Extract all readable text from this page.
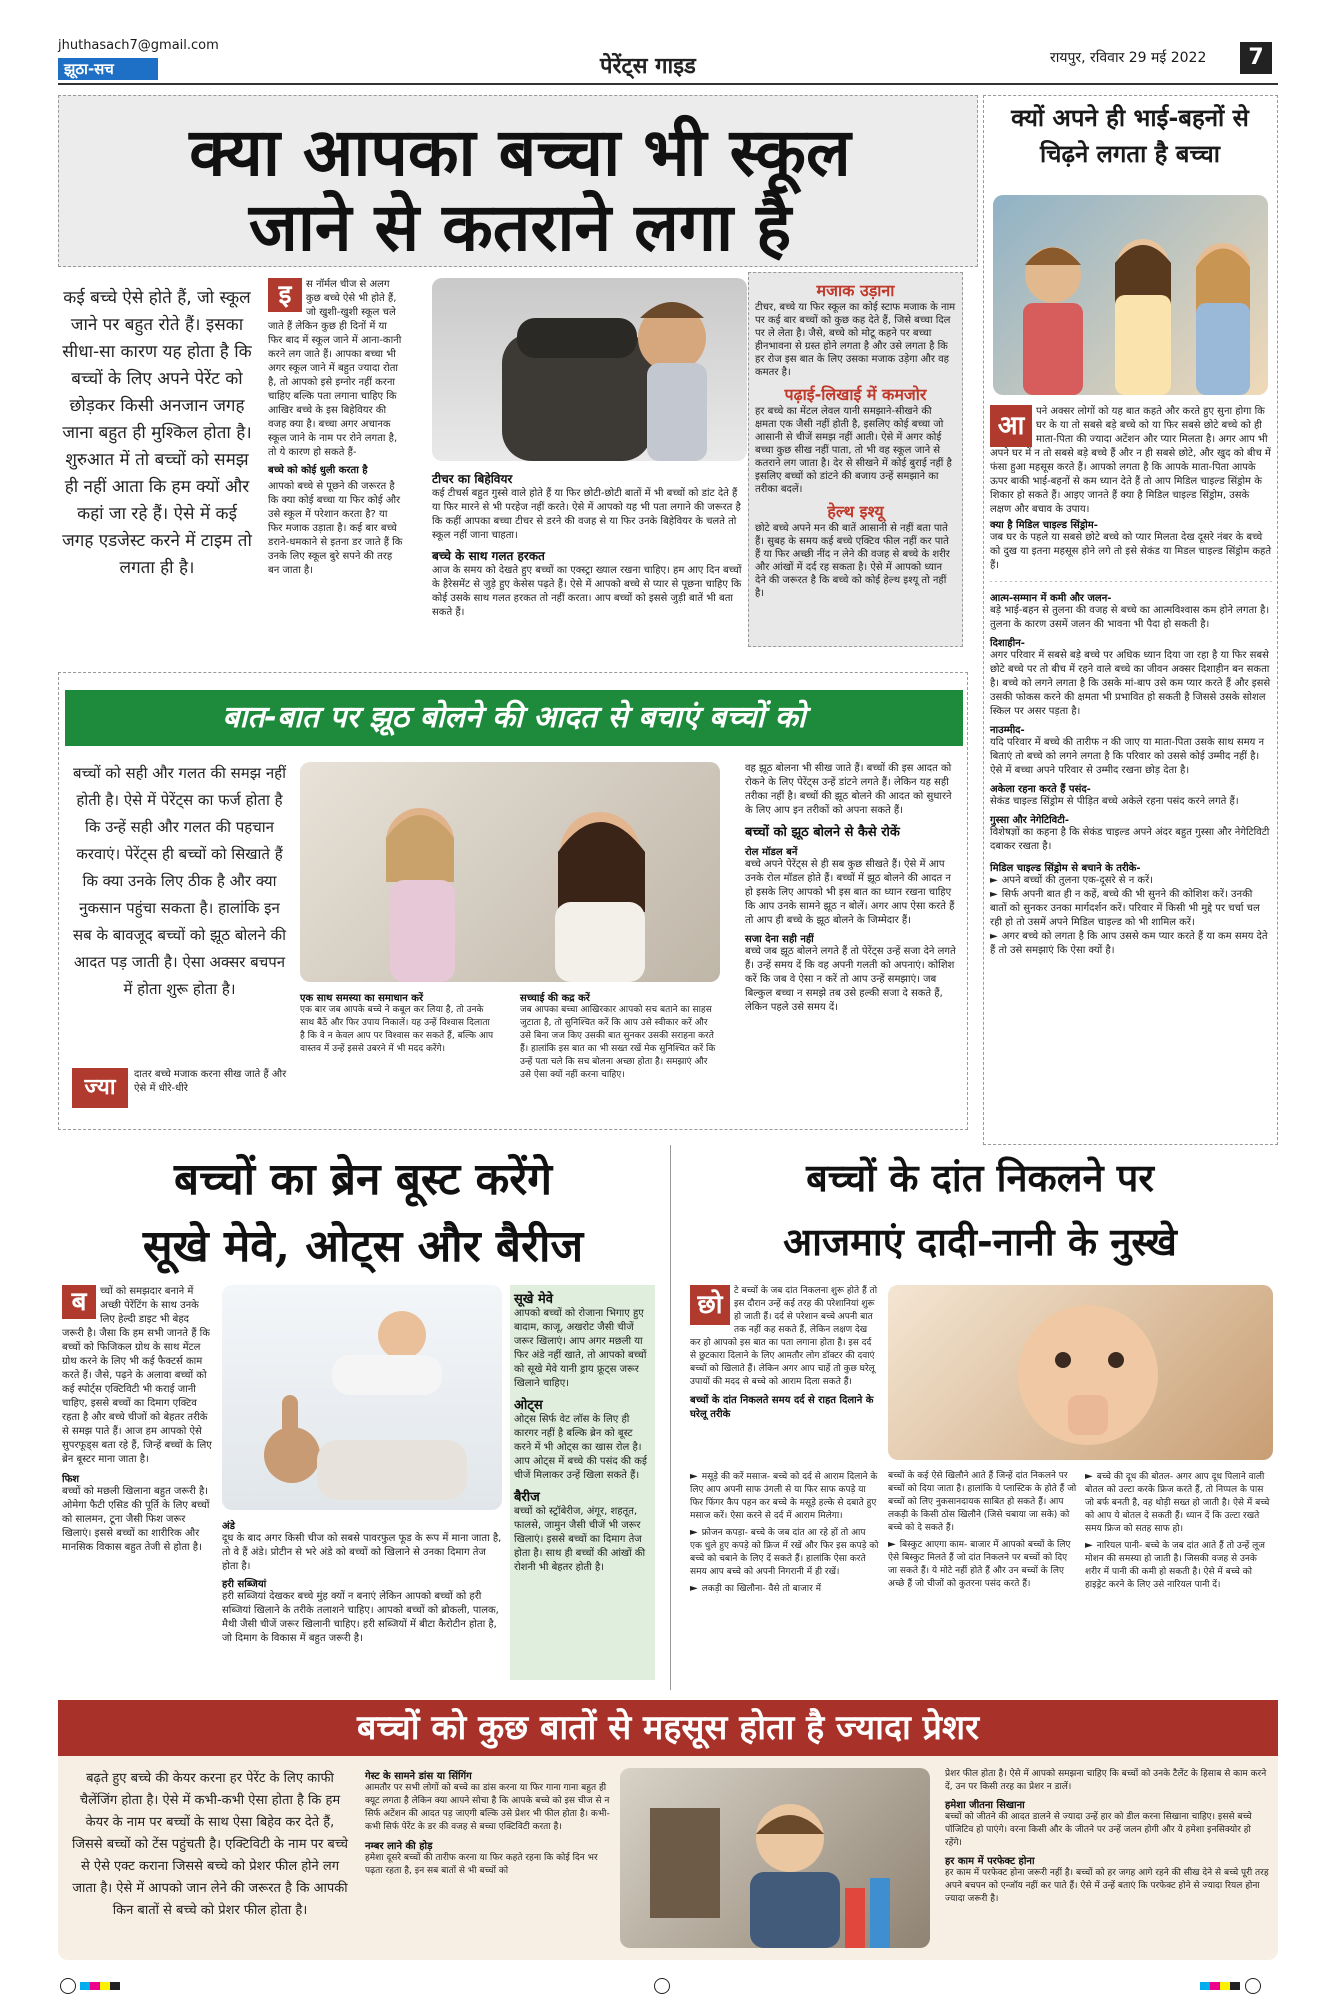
jhuthasach7@gmail.com
झूठा-सच	पेरेंट्स गाइड	रायपुर, रविवार 29 मई 2022	7
क्या आपका बच्चा भी स्कूल
जाने से कतराने लगा है
कई बच्चे ऐसे होते हैं, जो स्कूल जाने पर बहुत रोते हैं। इसका सीधा-सा कारण यह होता है कि बच्चों के लिए अपने पेरेंट को छोड़कर किसी अनजान जगह जाना बहुत ही मुश्किल होता है। शुरुआत में तो बच्चों को समझ ही नहीं आता कि हम क्यों और कहां जा रहे हैं। ऐसे में कई जगह एडजेस्ट करने में टाइम तो लगता ही है।
इ	स नॉर्मल चीज से अलग कुछ बच्चे ऐसे भी होते हैं, जो खुशी-खुशी स्कूल चले जाते हैं लेकिन कुछ ही दिनों में या फिर बाद में स्कूल जाने में आना-कानी करने लग जाते हैं। आपका बच्चा भी अगर स्कूल जाने में बहुत ज्यादा रोता है, तो आपको इसे इग्नोर नहीं करना चाहिए बल्कि पता लगाना चाहिए कि आखिर बच्चे के इस बिहेवियर की वजह क्या है। बच्चा अगर अचानक स्कूल जाने के नाम पर रोने लगता है, तो ये कारण हो सकते हैं-
बच्चे को कोई धुली करता है
आपको बच्चे से पूछने की जरूरत है कि क्या कोई बच्चा या फिर कोई और उसे स्कूल में परेशान करता है? या फिर मजाक उड़ाता है। कई बार बच्चे डराने-धमकाने से इतना डर जाते हैं कि उनके लिए स्कूल बुरे सपने की तरह बन जाता है।
टीचर का बिहेवियर
कई टीचर्स बहुत गुस्से वाले होते हैं या फिर छोटी-छोटी बातों में भी बच्चों को डांट देते हैं या फिर मारने से भी परहेज नहीं करते। ऐसे में आपको यह भी पता लगाने की जरूरत है कि कहीं आपका बच्चा टीचर से डरने की वजह से या फिर उनके बिहेवियर के चलते तो स्कूल नहीं जाना चाहता।
बच्चे के साथ गलत हरकत
आज के समय को देखते हुए बच्चों का एक्स्ट्रा ख्याल रखना चाहिए। हम आए दिन बच्चों के हैरेसमेंट से जुड़े हुए केसेस पढ़ते हैं। ऐसे में आपको बच्चे से प्यार से पूछना चाहिए कि कोई उसके साथ गलत हरकत तो नहीं करता। आप बच्चों को इससे जुड़ी बातें भी बता सकते हैं।
मजाक उड़ाना
टीचर, बच्चे या फिर स्कूल का कोई स्टाफ मजाक के नाम पर कई बार बच्चों को कुछ कह देते हैं, जिसे बच्चा दिल पर ले लेता है। जैसे, बच्चे को मोटू कहने पर बच्चा हीनभावना से ग्रस्त होने लगता है और उसे लगता है कि हर रोज इस बात के लिए उसका मजाक उड़ेगा और वह कमतर है।
पढ़ाई-लिखाई में कमजोर
हर बच्चे का मेंटल लेवल यानी समझाने-सीखने की क्षमता एक जैसी नहीं होती है, इसलिए कोई बच्चा जो आसानी से चीजें समझ नहीं आती। ऐसे में अगर कोई बच्चा कुछ सीख नहीं पाता, तो भी वह स्कूल जाने से कतराने लग जाता है। देर से सीखने में कोई बुराई नहीं है इसलिए बच्चों को डांटने की बजाय उन्हें समझाने का तरीका बदलें।
हेल्थ इश्यू
छोटे बच्चे अपने मन की बातें आसानी से नहीं बता पाते हैं। सुबह के समय कई बच्चे एक्टिव फील नहीं कर पाते हैं या फिर अच्छी नींद न लेने की वजह से बच्चे के शरीर और आंखों में दर्द रह सकता है। ऐसे में आपको ध्यान देने की जरूरत है कि बच्चे को कोई हेल्थ इश्यू तो नहीं है।
क्यों अपने ही भाई-बहनों से चिढ़ने लगता है बच्चा
आ	पने अक्सर लोगों को यह बात कहते और करते हुए सुना होगा कि घर के या तो सबसे बड़े बच्चे को या फिर सबसे छोटे बच्चे को ही माता-पिता की ज्यादा अटेंशन और प्यार मिलता है। अगर आप भी अपने घर में न तो सबसे बड़े बच्चे हैं और न ही सबसे छोटे, और खुद को बीच में फंसा हुआ महसूस करते हैं। आपको लगता है कि आपके माता-पिता आपके ऊपर बाकी भाई-बहनों से कम ध्यान देते हैं तो आप मिडिल चाइल्ड सिंड्रोम के शिकार हो सकते हैं। आइए जानते हैं क्या है मिडिल चाइल्ड सिंड्रोम, उसके लक्षण और बचाव के उपाय।
क्या है मिडिल चाइल्ड सिंड्रोम-
जब घर के पहले या सबसे छोटे बच्चे को प्यार मिलता देख दूसरे नंबर के बच्चे को दुख या इतना महसूस होने लगे तो इसे सेकंड या मिडल चाइल्ड सिंड्रोम कहते हैं।
आत्म-सम्मान में कमी और जलन-
बड़े भाई-बहन से तुलना की वजह से बच्चे का आत्मविश्वास कम होने लगता है। तुलना के कारण उसमें जलन की भावना भी पैदा हो सकती है।
दिशाहीन-
अगर परिवार में सबसे बड़े बच्चे पर अधिक ध्यान दिया जा रहा है या फिर सबसे छोटे बच्चे पर तो बीच में रहने वाले बच्चे का जीवन अक्सर दिशाहीन बन सकता है। बच्चे को लगने लगता है कि उसके मां-बाप उसे कम प्यार करते हैं और इससे उसकी फोकस करने की क्षमता भी प्रभावित हो सकती है जिससे उसके सोशल स्किल पर असर पड़ता है।
नाउम्मीद-
यदि परिवार में बच्चे की तारीफ न की जाए या माता-पिता उसके साथ समय न बिताएं तो बच्चे को लगने लगता है कि परिवार को उससे कोई उम्मीद नहीं है। ऐसे में बच्चा अपने परिवार से उम्मीद रखना छोड़ देता है।
अकेला रहना करते हैं पसंद-
सेकंड चाइल्ड सिंड्रोम से पीड़ित बच्चे अकेले रहना पसंद करने लगते हैं।
गुस्सा और नेगेटिविटी-
विशेषज्ञों का कहना है कि सेकंड चाइल्ड अपने अंदर बहुत गुस्सा और नेगेटिविटी दबाकर रखता है।
मिडिल चाइल्ड सिंड्रोम से बचाने के तरीके-
► अपने बच्चों की तुलना एक-दूसरे से न करें।
► सिर्फ अपनी बात ही न कहें, बच्चे की भी सुनने की कोशिश करें। उनकी बातों को सुनकर उनका मार्गदर्शन करें। परिवार में किसी भी मुद्दे पर चर्चा चल रही हो तो उसमें अपने मिडिल चाइल्ड को भी शामिल करें।
► अगर बच्चे को लगता है कि आप उससे कम प्यार करते हैं या कम समय देते हैं तो उसे समझाएं कि ऐसा क्यों है।
बात-बात पर झूठ बोलने की आदत से बचाएं बच्चों को
बच्चों को सही और गलत की समझ नहीं होती है। ऐसे में पेरेंट्स का फर्ज होता है कि उन्हें सही और गलत की पहचान करवाएं। पेरेंट्स ही बच्चों को सिखाते हैं कि क्या उनके लिए ठीक है और क्या नुकसान पहुंचा सकता है। हालांकि इन सब के बावजूद बच्चों को झूठ बोलने की आदत पड़ जाती है। ऐसा अक्सर बचपन में होता शुरू होता है।
ज्या
दातर बच्चे मजाक करना सीख जाते हैं और ऐसे में धीरे-धीरे
एक साथ समस्या का समाधान करें
एक बार जब आपके बच्चे ने कबूल कर लिया है, तो उनके साथ बैठें और फिर उपाय निकालें। यह उन्हें विश्वास दिलाता है कि वे न केवल आप पर विश्वास कर सकते हैं, बल्कि आप वास्तव में उन्हें इससे उबरने में भी मदद करेंगे।
सच्चाई की कद्र करें
जब आपका बच्चा आखिरकार आपको सच बताने का साहस जुटाता है, तो सुनिश्चित करें कि आप उसे स्वीकार करें और उसे बिना जज किए उसकी बात सुनकर उसकी सराहना करते हैं। हालांकि इस बात का भी सख्त रखें मेक सुनिश्चित करें कि उन्हें पता चले कि सच बोलना अच्छा होता है। समझाएं और उसे ऐसा क्यों नहीं करना चाहिए।
वह झूठ बोलना भी सीख जाते हैं। बच्चों की इस आदत को रोकने के लिए पेरेंट्स उन्हें डांटने लगते हैं। लेकिन यह सही तरीका नहीं है। बच्चों की झूठ बोलने की आदत को सुधारने के लिए आप इन तरीकों को अपना सकते हैं।
बच्चों को झूठ बोलने से कैसे रोकें
रोल मॉडल बनें
बच्चे अपने पेरेंट्स से ही सब कुछ सीखते हैं। ऐसे में आप उनके रोल मॉडल होते हैं। बच्चों में झूठ बोलने की आदत न हो इसके लिए आपको भी इस बात का ध्यान रखना चाहिए कि आप उनके सामने झूठ न बोलें। अगर आप ऐसा करते हैं तो आप ही बच्चे के झूठ बोलने के जिम्मेदार हैं।
सजा देना सही नहीं
बच्चे जब झूठ बोलने लगते हैं तो पेरेंट्स उन्हें सजा देने लगते हैं। उन्हें समय दें कि वह अपनी गलती को अपनाएं। कोशिश करें कि जब वे ऐसा न करें तो आप उन्हें समझाएं। जब बिल्कुल बच्चा न समझे तब उसे हल्की सजा दे सकते हैं, लेकिन पहले उसे समय दें।
बच्चों का ब्रेन बूस्ट करेंगे
सूखे मेवे, ओट्स और बैरीज
ब	च्चों को समझदार बनाने में अच्छी पेरेंटिंग के साथ उनके लिए हेल्दी डाइट भी बेहद जरूरी है। जैसा कि हम सभी जानते हैं कि बच्चों को फिजिकल ग्रोथ के साथ मेंटल ग्रोथ करने के लिए भी कई फैक्टर्स काम करते हैं। जैसे, पढ़ने के अलावा बच्चों को कई स्पोर्ट्स एक्टिविटी भी कराई जानी चाहिए, इससे बच्चों का दिमाग एक्टिव रहता है और बच्चे चीजों को बेहतर तरीके से समझ पाते हैं। आज हम आपको ऐसे सुपरफूड्स बता रहे हैं, जिन्हें बच्चों के लिए ब्रेन बूस्टर माना जाता है।
फिश
बच्चों को मछली खिलाना बहुत जरूरी है। ओमेगा फैटी एसिड की पूर्ति के लिए बच्चों को सालमन, टूना जैसी फिश जरूर खिलाएं। इससे बच्चों का शारीरिक और मानसिक विकास बहुत तेजी से होता है।
अंडे
दूध के बाद अगर किसी चीज को सबसे पावरफुल फूड के रूप में माना जाता है, तो वे हैं अंडे। प्रोटीन से भरे अंडे को बच्चों को खिलाने से उनका दिमाग तेज होता है।
हरी सब्जियां
हरी सब्जियां देखकर बच्चे मुंह क्यों न बनाएं लेकिन आपको बच्चों को हरी सब्जियां खिलाने के तरीके तलाशने चाहिए। आपको बच्चों को ब्रोकली, पालक, मैथी जैसी चीजें जरूर खिलानी चाहिए। हरी सब्जियों में बीटा कैरोटीन होता है, जो दिमाग के विकास में बहुत जरूरी है।
सूखे मेवे
आपको बच्चों को रोजाना भिगाए हुए बादाम, काजू, अखरोट जैसी चीजें जरूर खिलाएं। आप अगर मछली या फिर अंडे नहीं खाते, तो आपको बच्चों को सूखे मेवे यानी ड्राय फ्रूट्स जरूर खिलाने चाहिए।
ओट्स
ओट्स सिर्फ वेट लॉस के लिए ही कारगर नहीं है बल्कि ब्रेन को बूस्ट करने में भी ओट्स का खास रोल है। आप ओट्स में बच्चे की पसंद की कई चीजें मिलाकर उन्हें खिला सकते हैं।
बैरीज
बच्चों को स्ट्रॉबेरीज, अंगूर, शहतूत, फालसे, जामुन जैसी चीजें भी जरूर खिलाएं। इससे बच्चों का दिमाग तेज होता है। साथ ही बच्चों की आंखों की रोशनी भी बेहतर होती है।
बच्चों के दांत निकलने पर
आजमाएं दादी-नानी के नुस्खे
छो	टे बच्चों के जब दांत निकलना शुरू होते हैं तो इस दौरान उन्हें कई तरह की परेशानियां शुरू हो जाती हैं। दर्द से परेशान बच्चे अपनी बात तक नहीं कह सकते हैं, लेकिन लक्षण देख कर हो आपको इस बात का पता लगाना होता है। इस दर्द से छुटकारा दिलाने के लिए आमतौर लोग डॉक्टर की दवाएं बच्चों को खिलाते हैं। लेकिन अगर आप चाहें तो कुछ घरेलू उपायों की मदद से बच्चे को आराम दिला सकते हैं।
बच्चों के दांत निकलते समय दर्द से राहत दिलाने के घरेलू तरीके
► मसूड़े की करें मसाज- बच्चे को दर्द से आराम दिलाने के लिए आप अपनी साफ उंगली से या फिर साफ कपड़े या फिर फिंगर कैप पहन कर बच्चे के मसूड़े हल्के से दबाते हुए मसाज करें। ऐसा करने से दर्द में आराम मिलेगा।
► फ्रोजन कपड़ा- बच्चे के जब दांत आ रहे हों तो आप एक धुले हुए कपड़े को फ्रिज में रखें और फिर इस कपड़े को बच्चे को चबाने के लिए दें सकते हैं। हालांकि ऐसा करते समय आप बच्चे को अपनी निगरानी में ही रखें।
► लकड़ी का खिलौना- वैसे तो बाजार में
बच्चों के कई ऐसे खिलौने आते हैं जिन्हें दांत निकलने पर बच्चों को दिया जाता है। हालांकि ये प्लास्टिक के होते हैं जो बच्चों को लिए नुकसानदायक साबित हो सकते हैं। आप लकड़ी के किसी ठोस खिलौने (जिसे चबाया जा सके) को बच्चे को दे सकते हैं।
► बिस्कुट आएगा काम- बाजार में आपको बच्चों के लिए ऐसे बिस्कुट मिलते हैं जो दांत निकलने पर बच्चों को दिए जा सकते हैं। ये मोटे नहीं होते हैं और उन बच्चों के लिए अच्छे हैं जो चीजों को कुतरना पसंद करते हैं।
► बच्चे की दूध की बोतल- अगर आप दूध पिलाने वाली बोतल को उल्टा करके फ्रिज करते हैं, तो निप्पल के पास जो बर्फ बनती है, वह थोड़ी सख्त हो जाती है। ऐसे में बच्चे को आप ये बोतल दे सकती हैं। ध्यान दें कि उल्टा रखते समय फ्रिज को सतह साफ हो।
► नारियल पानी- बच्चे के जब दांत आते हैं तो उन्हें लूज मोशन की समस्या हो जाती है। जिसकी वजह से उनके शरीर में पानी की कमी हो सकती है। ऐसे में बच्चे को हाइड्रेट करने के लिए उसे नारियल पानी दें।
बच्चों को कुछ बातों से महसूस होता है ज्यादा प्रेशर
बढ़ते हुए बच्चे की केयर करना हर पेरेंट के लिए काफी चैलेंजिंग होता है। ऐसे में कभी-कभी ऐसा होता है कि हम केयर के नाम पर बच्चों के साथ ऐसा बिहेव कर देते हैं, जिससे बच्चों को टेंस पहुंचती है। एक्टिविटी के नाम पर बच्चे से ऐसे एक्ट कराना जिससे बच्चे को प्रेशर फील होने लग जाता है। ऐसे में आपको जान लेने की जरूरत है कि आपकी किन बातों से बच्चे को प्रेशर फील होता है।
गेस्ट के सामने डांस या सिंगिंग
आमतौर पर सभी लोगों को बच्चे का डांस करना या फिर गाना गाना बहुत ही क्यूट लगता है लेकिन क्या आपने सोचा है कि आपके बच्चे को इस चीज से न सिर्फ अटेंशन की आदत पड़ जाएगी बल्कि उसे प्रेशर भी फील होता है। कभी-कभी सिर्फ पेरेंट के डर की वजह से बच्चा एक्टिविटी करता है।
नम्बर लाने की होड़
हमेशा दूसरे बच्चों की तारीफ करना या फिर कहते रहना कि कोई दिन भर पढ़ता रहता है, इन सब बातों से भी बच्चों को
प्रेशर फील होता है। ऐसे में आपको समझना चाहिए कि बच्चों को उनके टैलेंट के हिसाब से काम करने दें, उन पर किसी तरह का प्रेशर न डालें।
हमेशा जीतना सिखाना
बच्चों को जीतने की आदत डालने से ज्यादा उन्हें हार को डील करना सिखाना चाहिए। इससे बच्चे पॉजिटिव हो पाएंगे। वरना किसी और के जीतने पर उन्हें जलन होगी और ये हमेशा इनसिक्योर हो रहेंगे।
हर काम में परफेक्ट होना
हर काम में परफेक्ट होना जरूरी नहीं है। बच्चों को हर जगह आगे रहने की सीख देने से बच्चे पूरी तरह अपने बचपन को एन्जॉय नहीं कर पाते हैं। ऐसे में उन्हें बताएं कि परफेक्ट होने से ज्यादा रियल होना ज्यादा जरूरी है।
